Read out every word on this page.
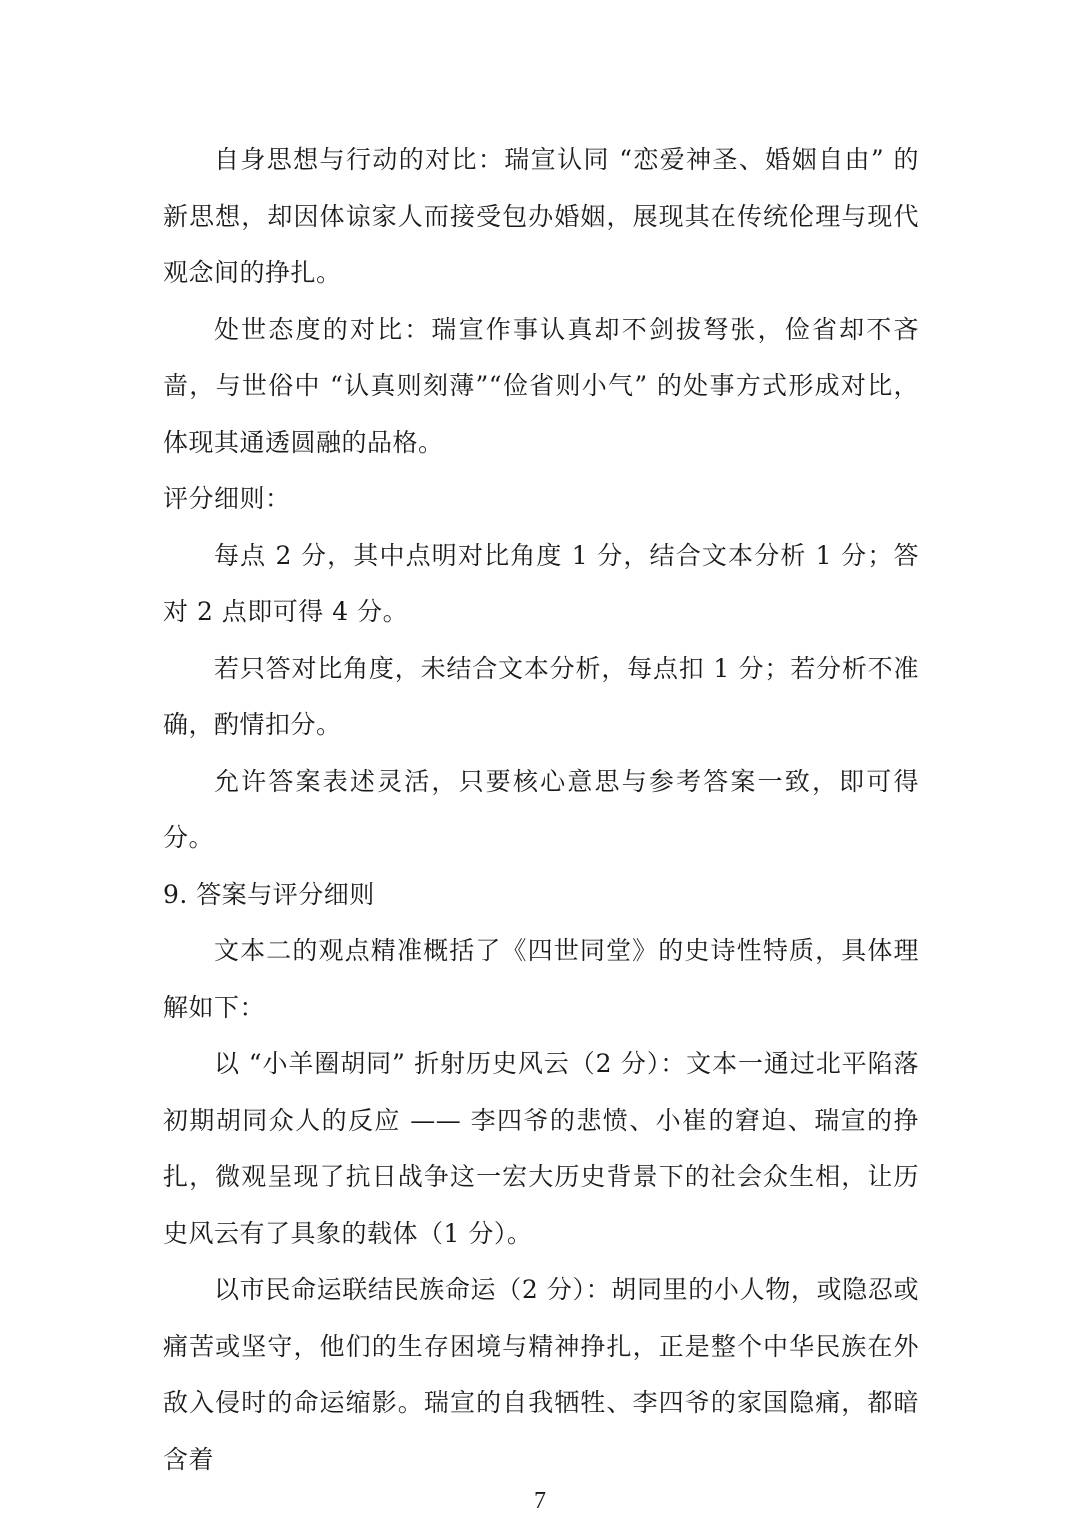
自身思想与行动的对比：瑞宣认同 “恋爱神圣、婚姻自由” 的新思想，却因体谅家人而接受包办婚姻，展现其在传统伦理与现代观念间的挣扎。

处世态度的对比：瑞宣作事认真却不剑拔弩张，俭省却不吝啬，与世俗中 “认真则刻薄”“俭省则小气” 的处事方式形成对比，体现其通透圆融的品格。

评分细则：

每点 2 分，其中点明对比角度 1 分，结合文本分析 1 分；答对 2 点即可得 4 分。

若只答对比角度，未结合文本分析，每点扣 1 分；若分析不准确，酌情扣分。

允许答案表述灵活，只要核心意思与参考答案一致，即可得分。

9. 答案与评分细则

文本二的观点精准概括了《四世同堂》的史诗性特质，具体理解如下：

以 “小羊圈胡同” 折射历史风云（2 分）：文本一通过北平陷落初期胡同众人的反应 —— 李四爷的悲愤、小崔的窘迫、瑞宣的挣扎，微观呈现了抗日战争这一宏大历史背景下的社会众生相，让历史风云有了具象的载体（1 分）。

以市民命运联结民族命运（2 分）：胡同里的小人物，或隐忍或痛苦或坚守，他们的生存困境与精神挣扎，正是整个中华民族在外敌入侵时的命运缩影。瑞宣的自我牺牲、李四爷的家国隐痛，都暗含着

7
